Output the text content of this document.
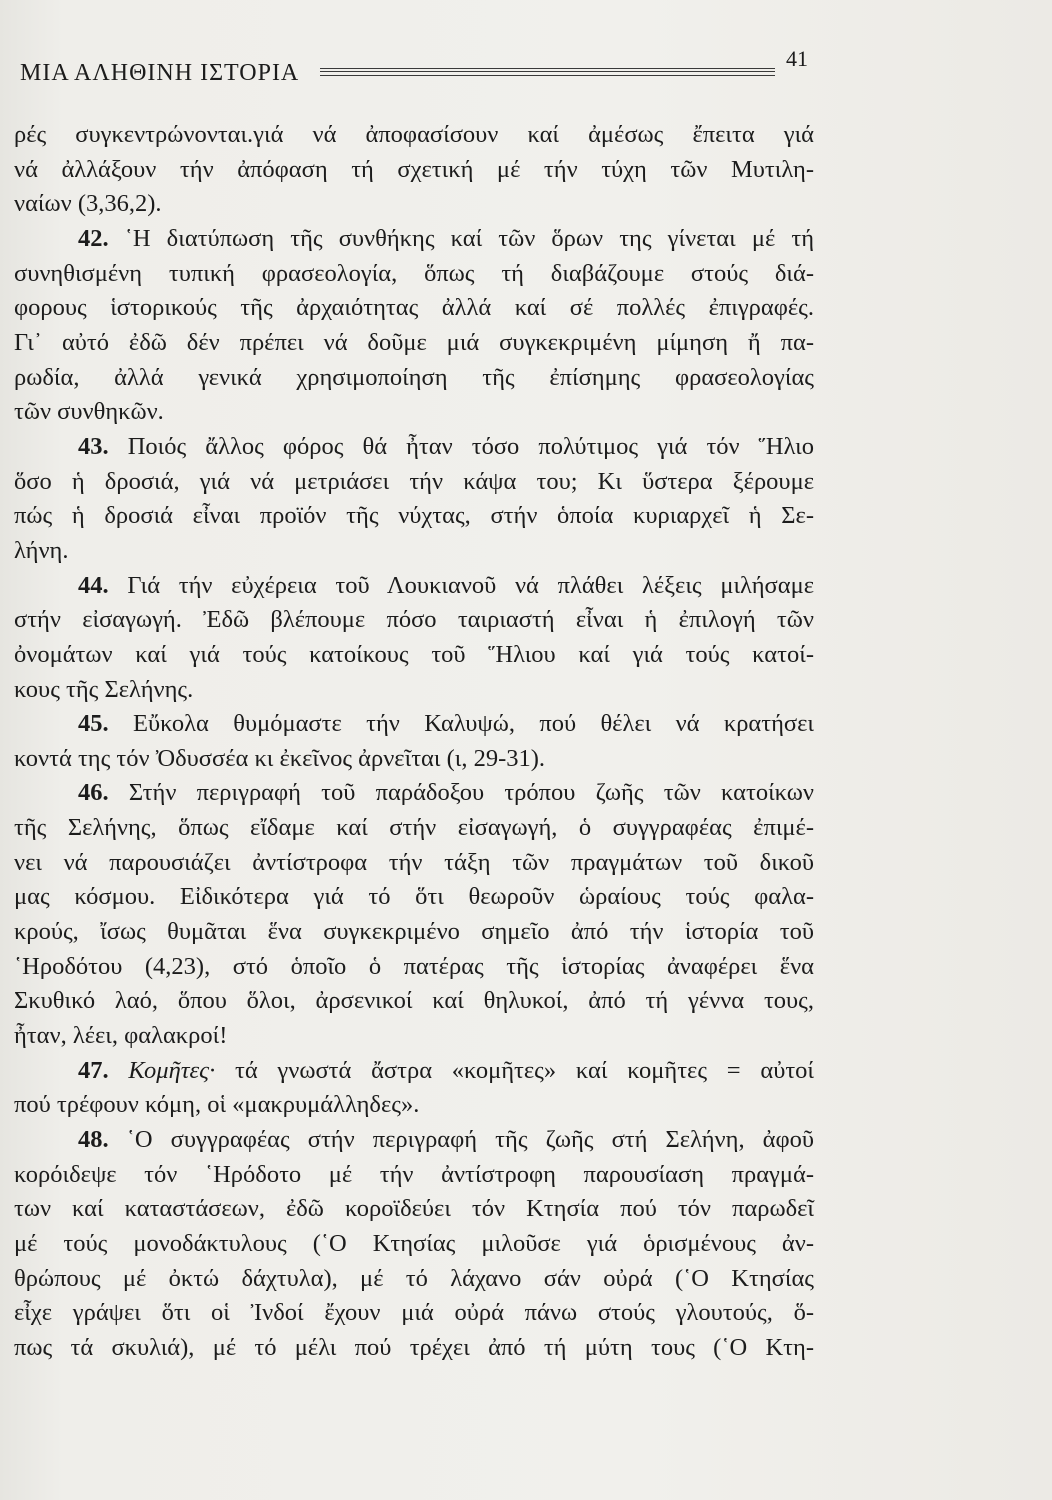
ΜΙΑ ΑΛΗΘΙΝΗ ΙΣΤΟΡΙΑ
41
ρές συγκεντρώνονται.γιά νά ἀποφασίσουν καί ἀμέσως ἔπειτα γιά
νά ἀλλάξουν τήν ἀπόφαση τή σχετική μέ τήν τύχη τῶν Μυτιλη-
ναίων (3,36,2).
42. ῾Η διατύπωση τῆς συνθήκης καί τῶν ὅρων της γίνεται μέ τή
συνηθισμένη τυπική φρασεολογία, ὅπως τή διαβάζουμε στούς διά-
φορους ἱστορικούς τῆς ἀρχαιότητας ἀλλά καί σέ πολλές ἐπιγραφές.
Γι᾽ αὐτό ἐδῶ δέν πρέπει νά δοῦμε μιά συγκεκριμένη μίμηση ἤ πα-
ρωδία, ἀλλά γενικά χρησιμοποίηση τῆς ἐπίσημης φρασεολογίας
τῶν συνθηκῶν.
43. Ποιός ἄλλος φόρος θά ἦταν τόσο πολύτιμος γιά τόν Ἥλιο
ὅσο ἡ δροσιά, γιά νά μετριάσει τήν κάψα του; Κι ὕστερα ξέρουμε
πώς ἡ δροσιά εἶναι προϊόν τῆς νύχτας, στήν ὁποία κυριαρχεῖ ἡ Σε-
λήνη.
44. Γιά τήν εὐχέρεια τοῦ Λουκιανοῦ νά πλάθει λέξεις μιλήσαμε
στήν εἰσαγωγή. Ἐδῶ βλέπουμε πόσο ταιριαστή εἶναι ἡ ἐπιλογή τῶν
ὀνομάτων καί γιά τούς κατοίκους τοῦ Ἥλιου καί γιά τούς κατοί-
κους τῆς Σελήνης.
45. Εὔκολα θυμόμαστε τήν Καλυψώ, πού θέλει νά κρατήσει
κοντά της τόν Ὀδυσσέα κι ἐκεῖνος ἀρνεῖται (ι, 29-31).
46. Στήν περιγραφή τοῦ παράδοξου τρόπου ζωῆς τῶν κατοίκων
τῆς Σελήνης, ὅπως εἴδαμε καί στήν εἰσαγωγή, ὁ συγγραφέας ἐπιμέ-
νει νά παρουσιάζει ἀντίστροφα τήν τάξη τῶν πραγμάτων τοῦ δικοῦ
μας κόσμου. Εἰδικότερα γιά τό ὅτι θεωροῦν ὡραίους τούς φαλα-
κρούς, ἴσως θυμᾶται ἕνα συγκεκριμένο σημεῖο ἀπό τήν ἱστορία τοῦ
῾Ηροδότου (4,23), στό ὁποῖο ὁ πατέρας τῆς ἱστορίας ἀναφέρει ἕνα
Σκυθικό λαό, ὅπου ὅλοι, ἀρσενικοί καί θηλυκοί, ἀπό τή γέννα τους,
ἦταν, λέει, φαλακροί!
47. Κομῆτες· τά γνωστά ἄστρα «κομῆτες» καί κομῆτες = αὐτοί
πού τρέφουν κόμη, οἱ «μακρυμάλληδες».
48. ῾Ο συγγραφέας στήν περιγραφή τῆς ζωῆς στή Σελήνη, ἀφοῦ
κορόιδεψε τόν ῾Ηρόδοτο μέ τήν ἀντίστροφη παρουσίαση πραγμά-
των καί καταστάσεων, ἐδῶ κοροϊδεύει τόν Κτησία πού τόν παρωδεῖ
μέ τούς μονοδάκτυλους (῾Ο Κτησίας μιλοῦσε γιά ὁρισμένους ἀν-
θρώπους μέ ὀκτώ δάχτυλα), μέ τό λάχανο σάν οὐρά (῾Ο Κτησίας
εἶχε γράψει ὅτι οἱ Ἰνδοί ἔχουν μιά οὐρά πάνω στούς γλουτούς, ὅ-
πως τά σκυλιά), μέ τό μέλι πού τρέχει ἀπό τή μύτη τους (῾Ο Κτη-
